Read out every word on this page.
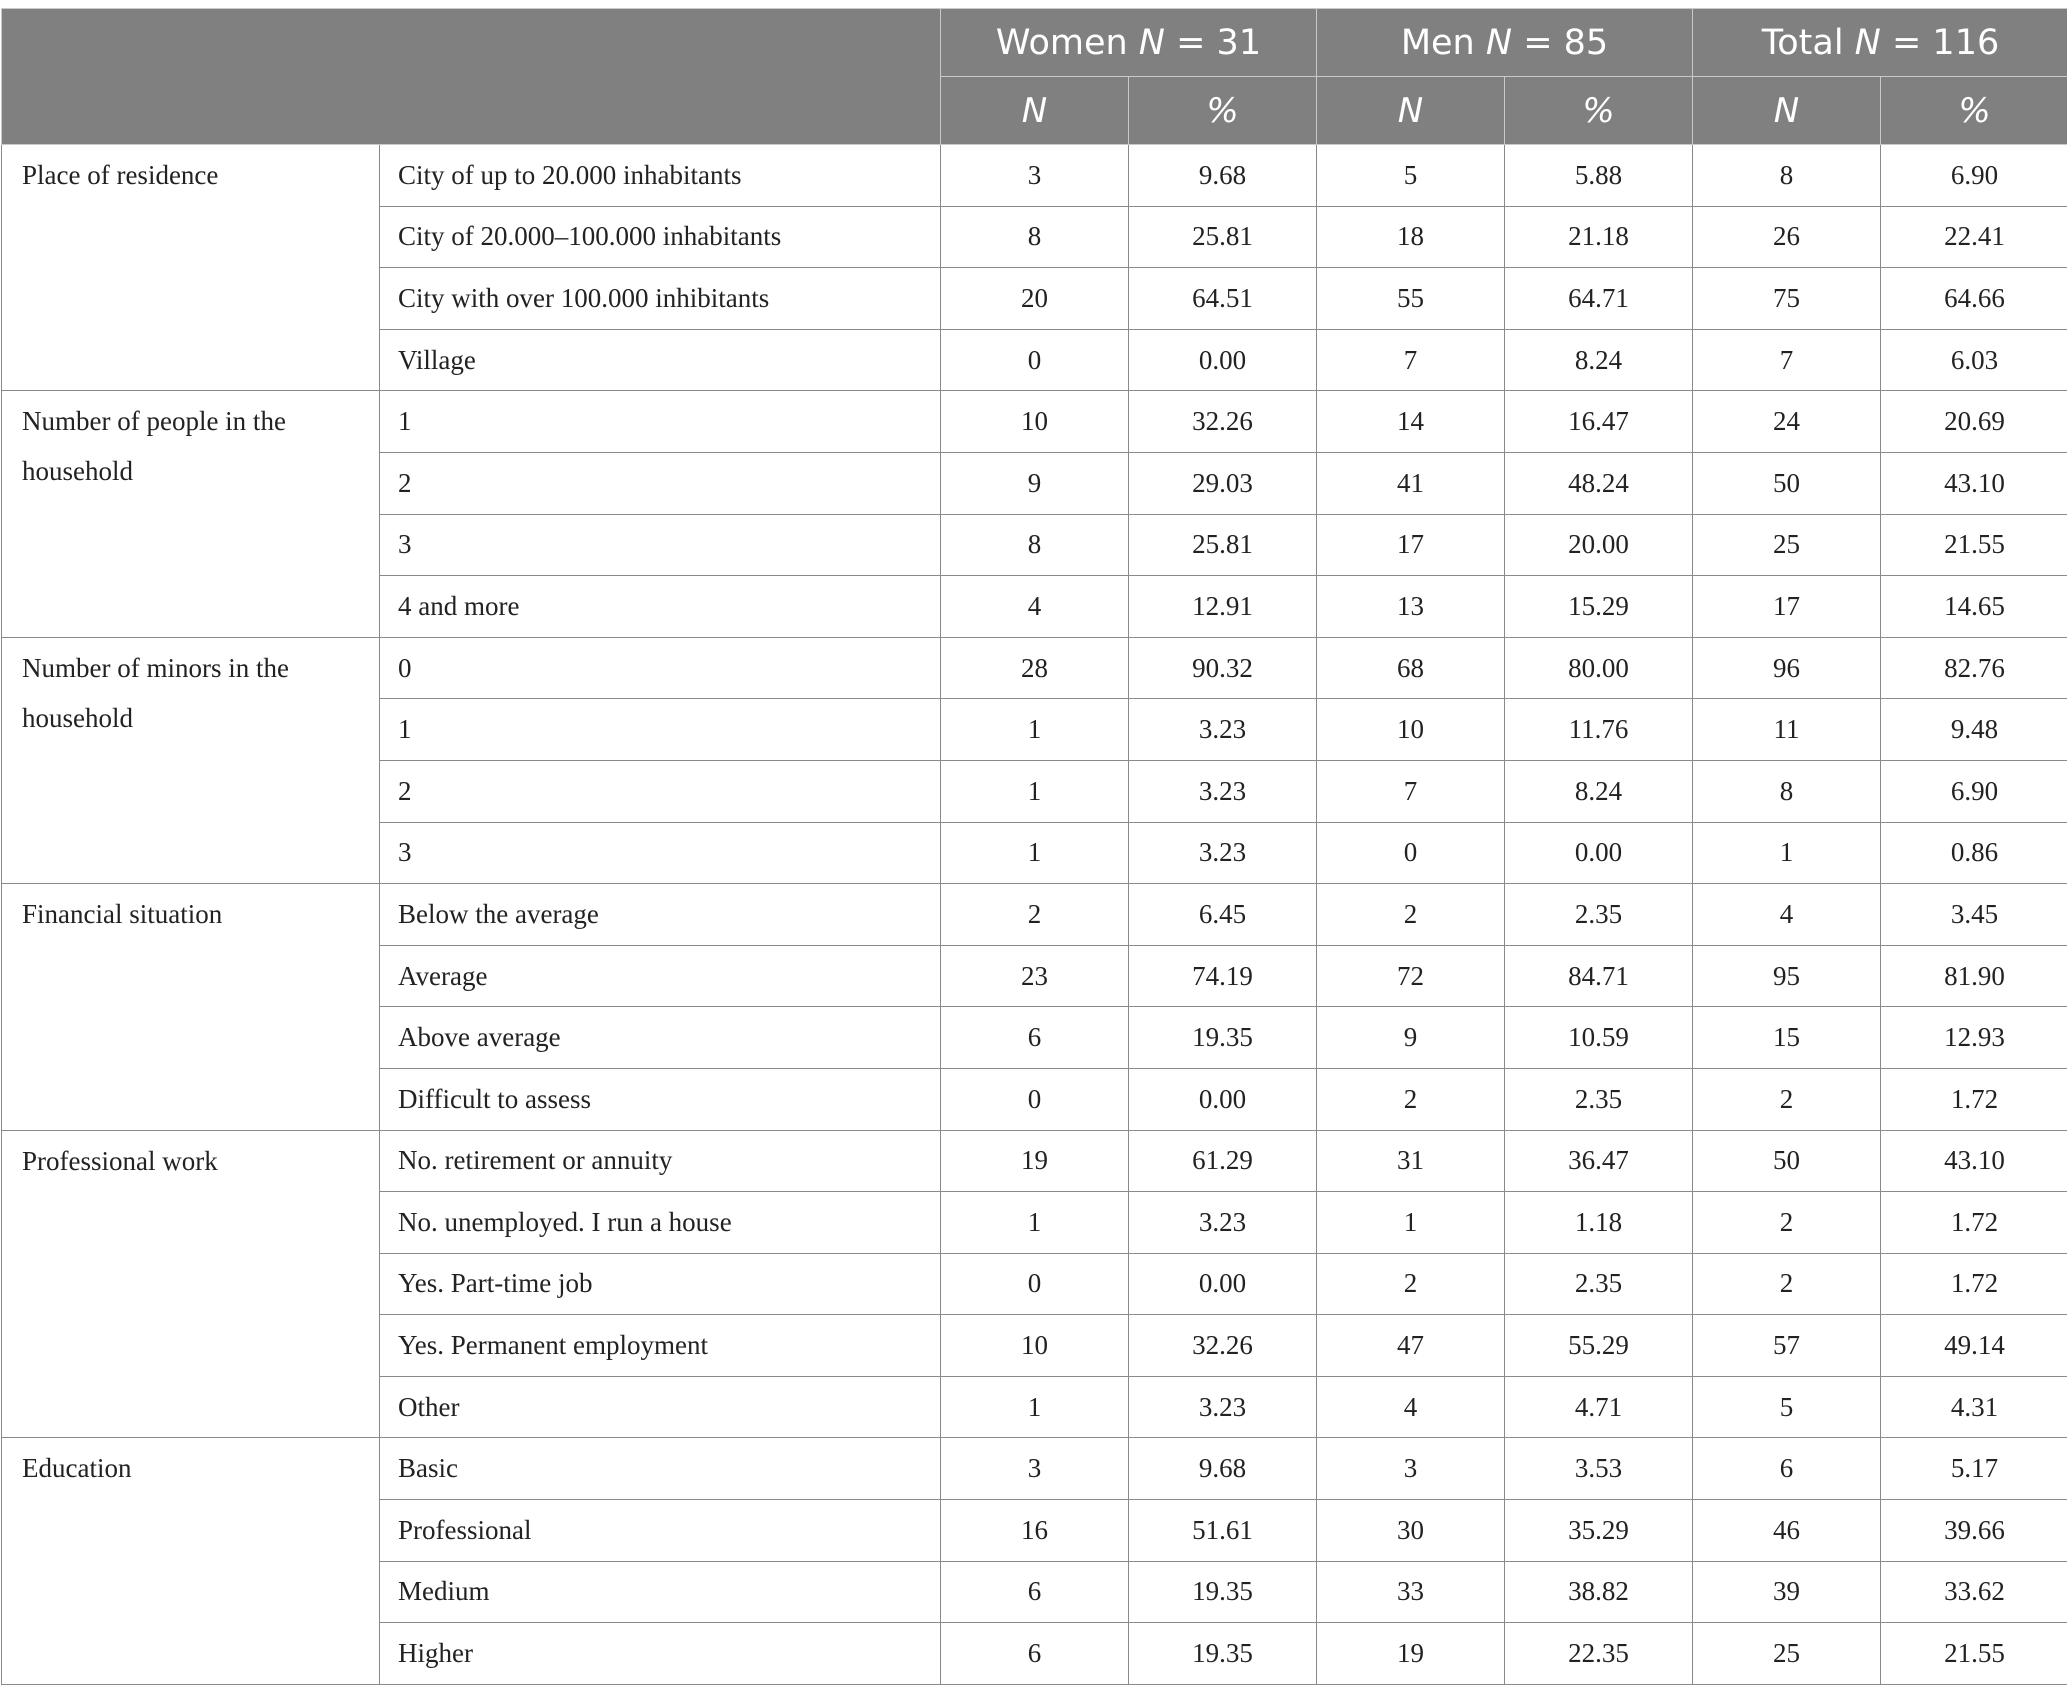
		Women N = 31		Men N = 85		Total N = 116	
		N	%	N	%	N	%
Place of residence	City of up to 20.000 inhabitants	3	9.68	5	5.88	8	6.90
	City of 20.000–100.000 inhabitants	8	25.81	18	21.18	26	22.41
	City with over 100.000 inhibitants	20	64.51	55	64.71	75	64.66
	Village	0	0.00	7	8.24	7	6.03
Number of people in the household	1	10	32.26	14	16.47	24	20.69
	2	9	29.03	41	48.24	50	43.10
	3	8	25.81	17	20.00	25	21.55
	4 and more	4	12.91	13	15.29	17	14.65
Number of minors in the household	0	28	90.32	68	80.00	96	82.76
	1	1	3.23	10	11.76	11	9.48
	2	1	3.23	7	8.24	8	6.90
	3	1	3.23	0	0.00	1	0.86
Financial situation	Below the average	2	6.45	2	2.35	4	3.45
	Average	23	74.19	72	84.71	95	81.90
	Above average	6	19.35	9	10.59	15	12.93
	Difficult to assess	0	0.00	2	2.35	2	1.72
Professional work	No. retirement or annuity	19	61.29	31	36.47	50	43.10
	No. unemployed. I run a house	1	3.23	1	1.18	2	1.72
	Yes. Part-time job	0	0.00	2	2.35	2	1.72
	Yes. Permanent employment	10	32.26	47	55.29	57	49.14
	Other	1	3.23	4	4.71	5	4.31
Education	Basic	3	9.68	3	3.53	6	5.17
	Professional	16	51.61	30	35.29	46	39.66
	Medium	6	19.35	33	38.82	39	33.62
	Higher	6	19.35	19	22.35	25	21.55
